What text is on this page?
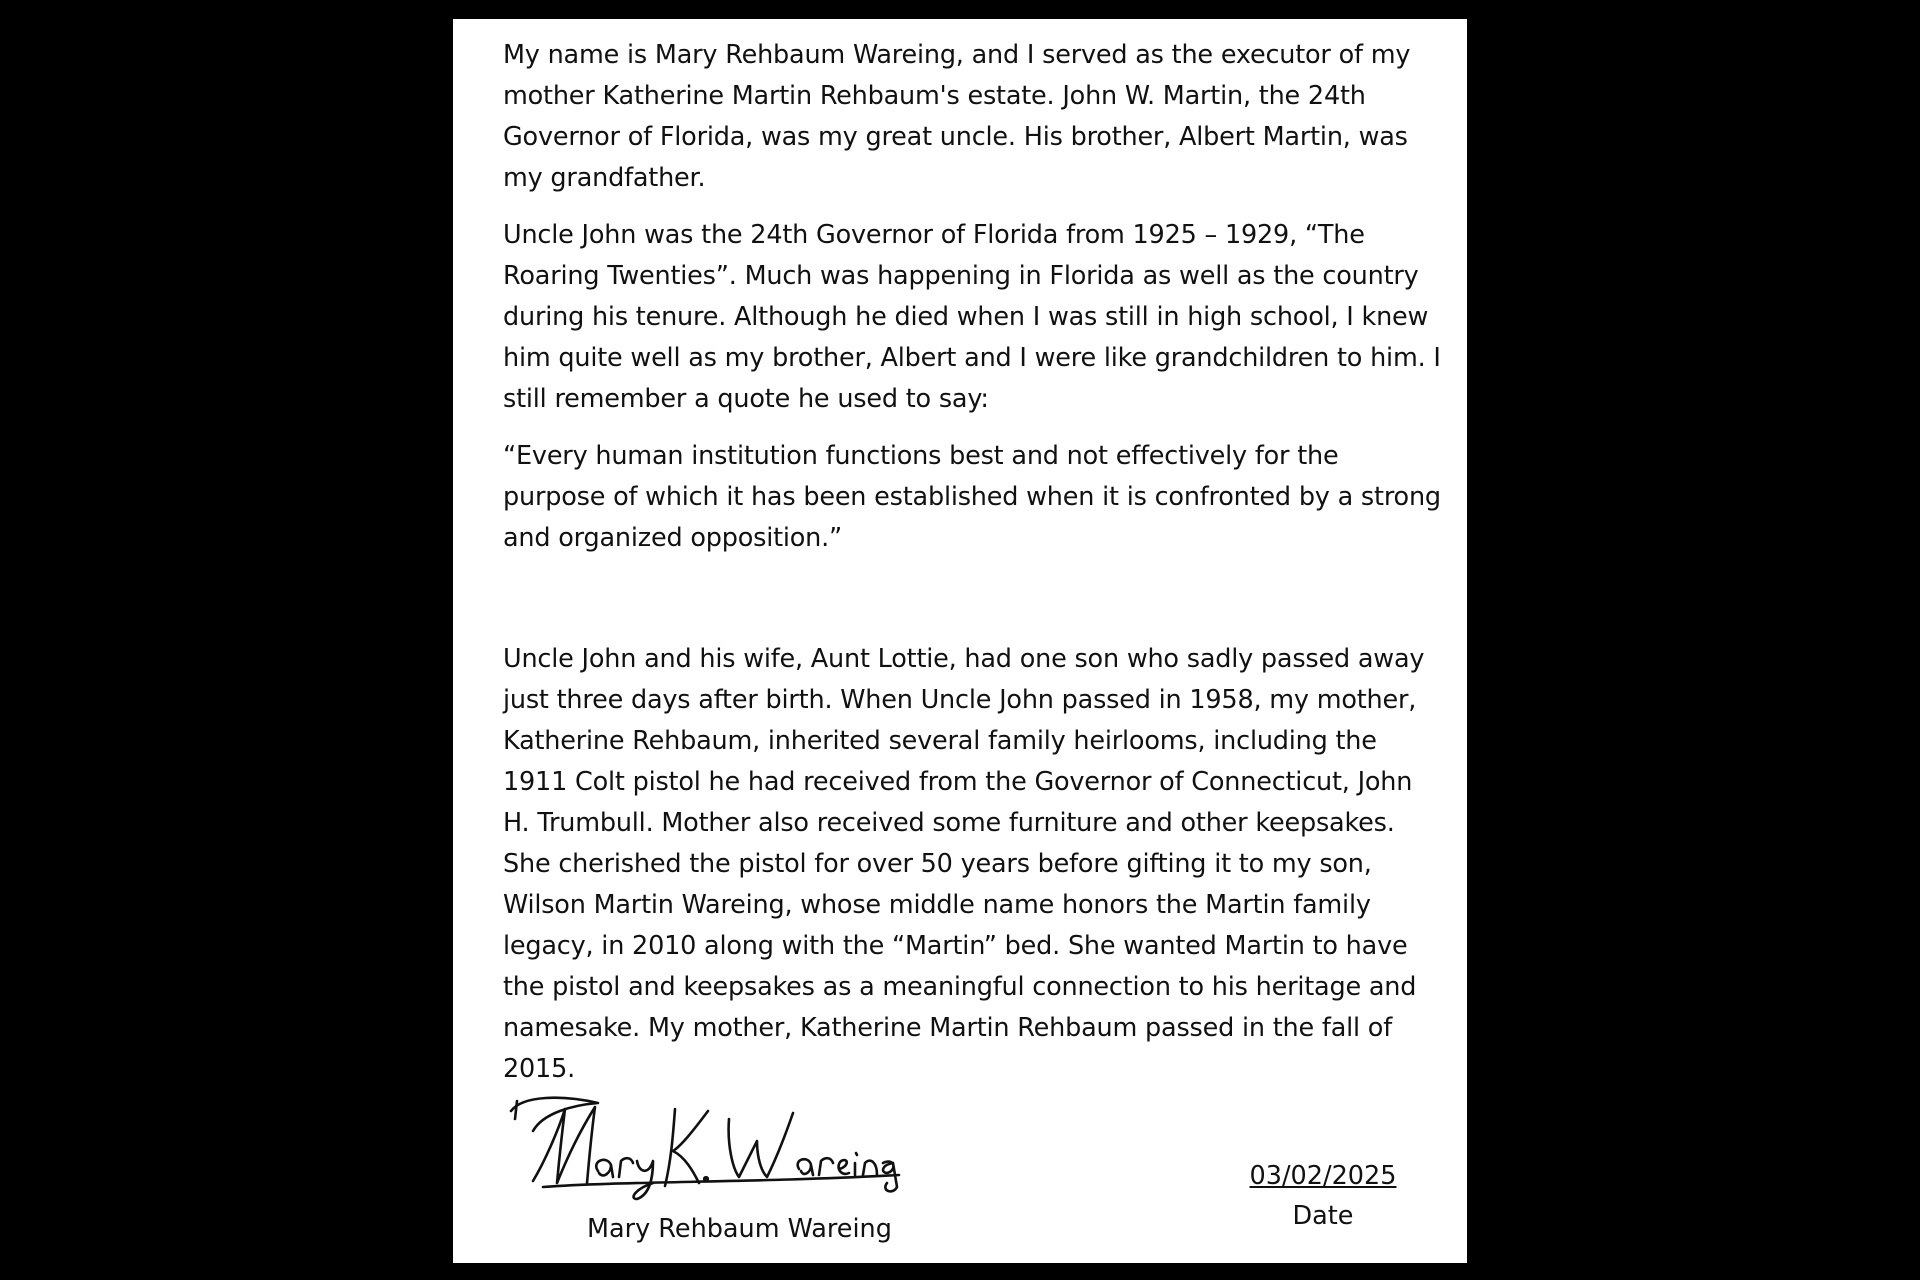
My name is Mary Rehbaum Wareing, and I served as the executor of my mother Katherine Martin Rehbaum's estate. John W. Martin, the 24th Governor of Florida, was my great uncle. His brother, Albert Martin, was my grandfather.

Uncle John was the 24th Governor of Florida from 1925 – 1929, “The Roaring Twenties”. Much was happening in Florida as well as the country during his tenure. Although he died when I was still in high school, I knew him quite well as my brother, Albert and I were like grandchildren to him. I still remember a quote he used to say:

“Every human institution functions best and not effectively for the purpose of which it has been established when it is confronted by a strong and organized opposition.”

Uncle John and his wife, Aunt Lottie, had one son who sadly passed away just three days after birth. When Uncle John passed in 1958, my mother, Katherine Rehbaum, inherited several family heirlooms, including the 1911 Colt pistol he had received from the Governor of Connecticut, John H. Trumbull. Mother also received some furniture and other keepsakes. She cherished the pistol for over 50 years before gifting it to my son, Wilson Martin Wareing, whose middle name honors the Martin family legacy, in 2010 along with the “Martin” bed. She wanted Martin to have the pistol and keepsakes as a meaningful connection to his heritage and namesake. My mother, Katherine Martin Rehbaum passed in the fall of 2015.

Mary Rehbaum Wareing
03/02/2025
Date
